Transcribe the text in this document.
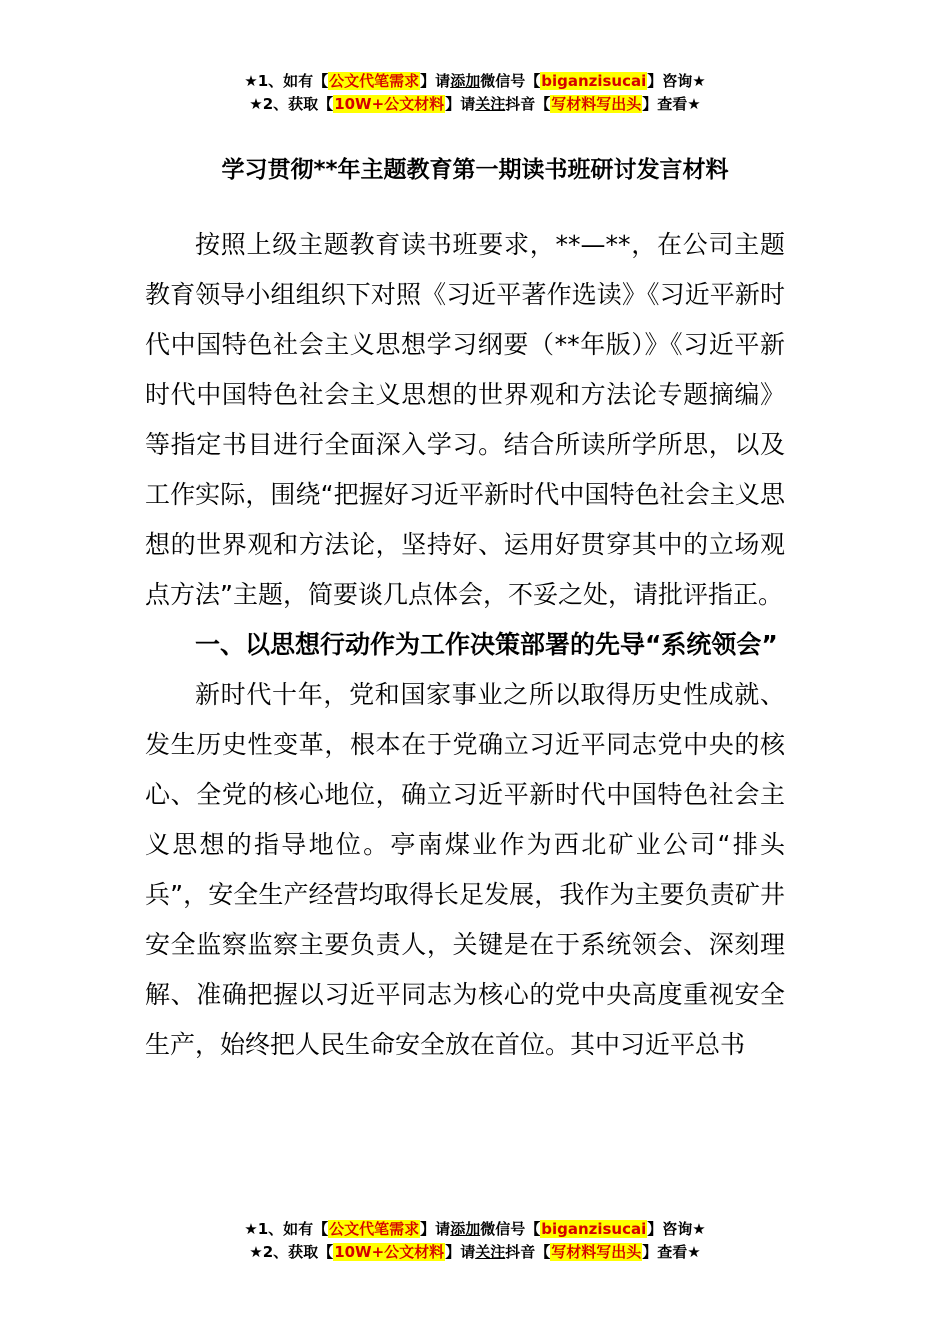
★1、如有【公文代笔需求】请添加微信号【biganzisucai】咨询★
★2、获取【10W+公文材料】请关注抖音【写材料写出头】查看★
学习贯彻**年主题教育第一期读书班研讨发言材料

按照上级主题教育读书班要求，**—**，在公司主题教育领导小组组织下对照《习近平著作选读》《习近平新时代中国特色社会主义思想学习纲要（**年版）》《习近平新时代中国特色社会主义思想的世界观和方法论专题摘编》等指定书目进行全面深入学习。结合所读所学所思，以及工作实际，围绕“把握好习近平新时代中国特色社会主义思想的世界观和方法论，坚持好、运用好贯穿其中的立场观点方法”主题，简要谈几点体会，不妥之处，请批评指正。

一、以思想行动作为工作决策部署的先导“系统领会”

新时代十年，党和国家事业之所以取得历史性成就、发生历史性变革，根本在于党确立习近平同志党中央的核心、全党的核心地位，确立习近平新时代中国特色社会主义思想的指导地位。亭南煤业作为西北矿业公司“排头兵”，安全生产经营均取得长足发展，我作为主要负责矿井安全监察监察主要负责人，关键是在于系统领会、深刻理解、准确把握以习近平同志为核心的党中央高度重视安全生产，始终把人民生命安全放在首位。其中习近平总书

★1、如有【公文代笔需求】请添加微信号【biganzisucai】咨询★
★2、获取【10W+公文材料】请关注抖音【写材料写出头】查看★
